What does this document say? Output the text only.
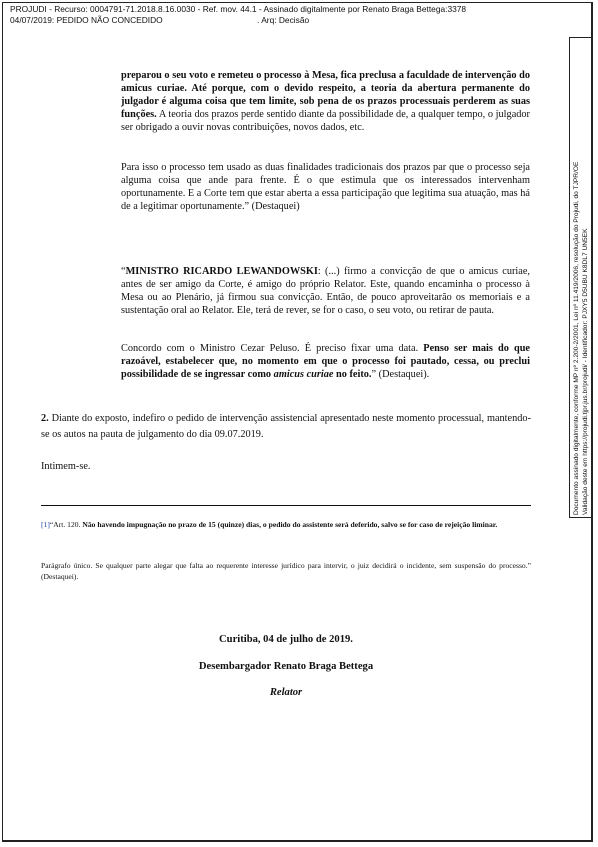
PROJUDI - Recurso: 0004791-71.2018.8.16.0030 - Ref. mov. 44.1 - Assinado digitalmente por Renato Braga Bettega:3378
04/07/2019: PEDIDO NÃO CONCEDIDO	. Arq: Decisão
Documento assinado digitalmente, conforme MP nº 2.200-2/2001, Lei nº 11.419/2006, resolução do Projudi, do TJPR/OE Validação deste em https://projudi.tjpr.jus.br/projudi/ - Identificador: PJXY5 D5UBU K8DL7 UN5EK

preparou o seu voto e remeteu o processo à Mesa, fica preclusa a faculdade de intervenção do amicus curiae. Até porque, com o devido respeito, a teoria da abertura permanente do julgador é alguma coisa que tem limite, sob pena de os prazos processuais perderem as suas funções. A teoria dos prazos perde sentido diante da possibilidade de, a qualquer tempo, o julgador ser obrigado a ouvir novas contribuições, novos dados, etc.

Para isso o processo tem usado as duas finalidades tradicionais dos prazos par que o processo seja alguma coisa que ande para frente. É o que estimula que os interessados intervenham oportunamente. E a Corte tem que estar aberta a essa participação que legitima sua atuação, mas há de a legitimar oportunamente.” (Destaquei)

“MINISTRO RICARDO LEWANDOWSKI: (...) firmo a convicção de que o amicus curiae, antes de ser amigo da Corte, é amigo do próprio Relator. Este, quando encaminha o processo à Mesa ou ao Plenário, já firmou sua convicção. Então, de pouco aproveitarão os memoriais e a sustentação oral ao Relator. Ele, terá de rever, se for o caso, o seu voto, ou retirar de pauta.

Concordo com o Ministro Cezar Peluso. É preciso fixar uma data. Penso ser mais do que razoável, estabelecer que, no momento em que o processo foi pautado, cessa, ou preclui possibilidade de se ingressar como amicus curiae no feito.” (Destaquei).

2. Diante do exposto, indefiro o pedido de intervenção assistencial apresentado neste momento processual, mantendo-se os autos na pauta de julgamento do dia 09.07.2019.
Intimem-se.
[1]“Art. 120. Não havendo impugnação no prazo de 15 (quinze) dias, o pedido do assistente será deferido, salvo se for caso de rejeição liminar.
Parágrafo único. Se qualquer parte alegar que falta ao requerente interesse jurídico para intervir, o juiz decidirá o incidente, sem suspensão do processo.” (Destaquei).
Curitiba, 04 de julho de 2019.
Desembargador Renato Braga Bettega
Relator
